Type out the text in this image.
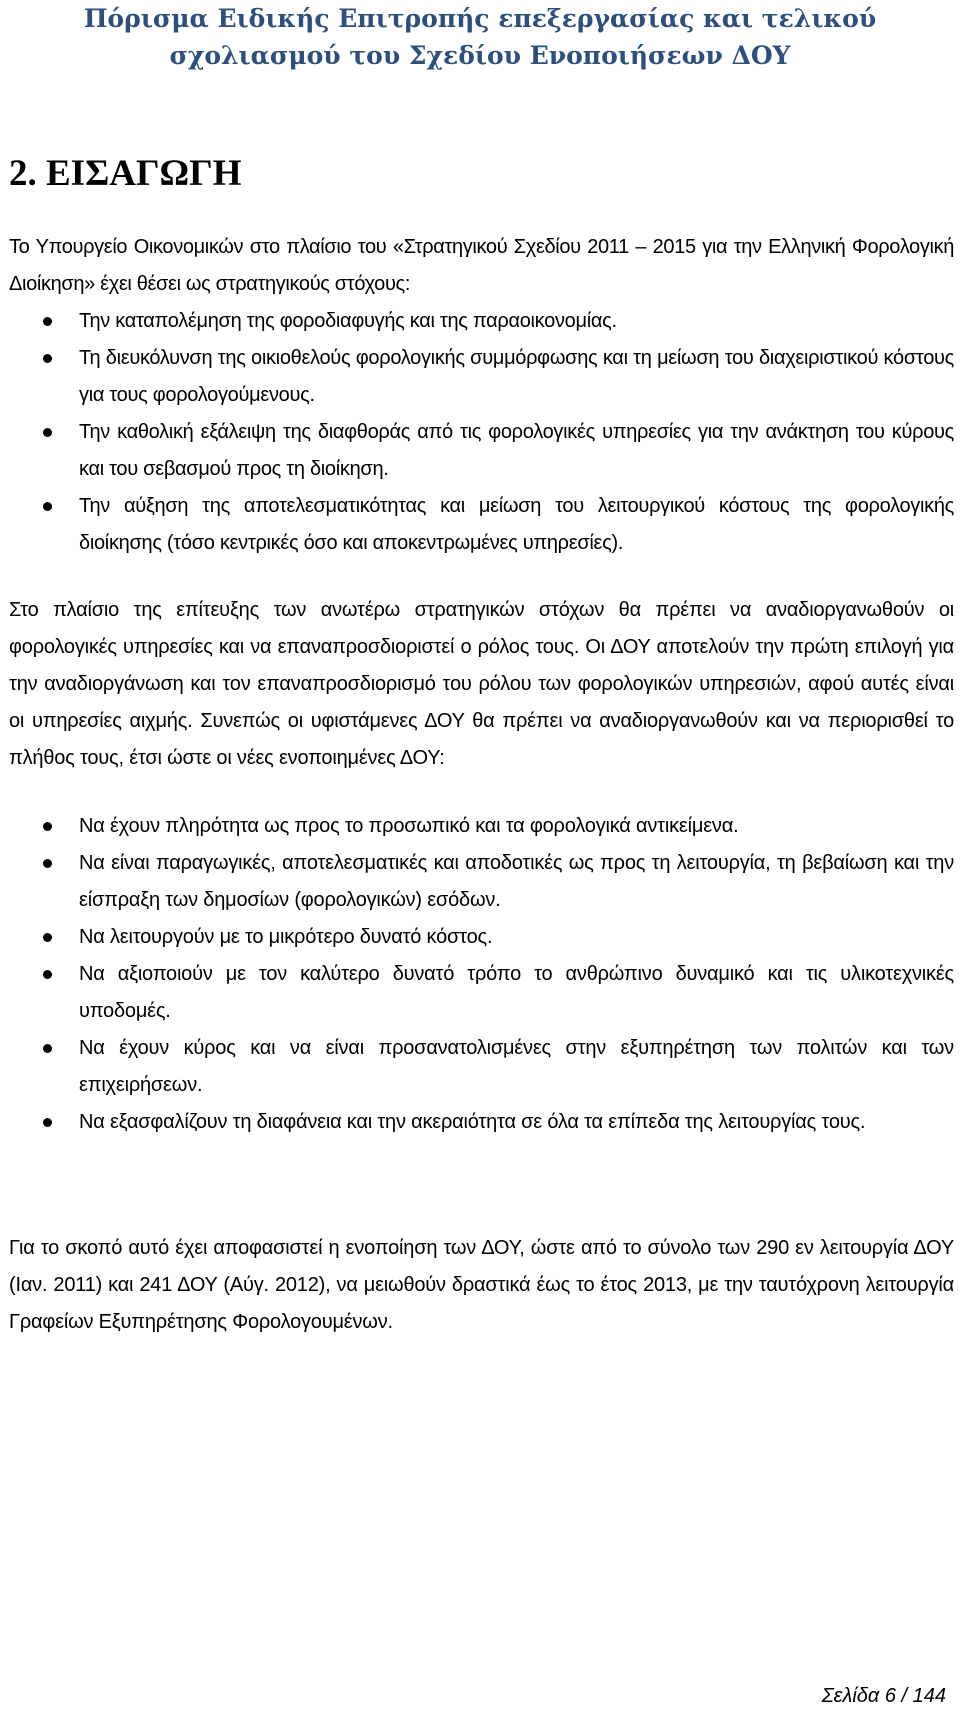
Πόρισμα Ειδικής Επιτροπής επεξεργασίας και τελικού
σχολιασμού του Σχεδίου Ενοποιήσεων ΔΟΥ
2. ΕΙΣΑΓΩΓΗ
Το Υπουργείο Οικονομικών στο πλαίσιο του «Στρατηγικού Σχεδίου 2011 – 2015 για την Ελληνική Φορολογική Διοίκηση» έχει θέσει ως στρατηγικούς στόχους:
Την καταπολέμηση της φοροδιαφυγής και της παραοικονομίας.
Τη διευκόλυνση της οικιοθελούς φορολογικής συμμόρφωσης και τη μείωση του διαχειριστικού κόστους για τους φορολογούμενους.
Την καθολική εξάλειψη της διαφθοράς από τις φορολογικές υπηρεσίες για την ανάκτηση του κύρους και του σεβασμού προς τη διοίκηση.
Την αύξηση της αποτελεσματικότητας και μείωση του λειτουργικού κόστους της φορολογικής διοίκησης (τόσο κεντρικές όσο και αποκεντρωμένες υπηρεσίες).
Στο πλαίσιο της επίτευξης των ανωτέρω στρατηγικών στόχων θα πρέπει να αναδιοργανωθούν οι φορολογικές υπηρεσίες και να επαναπροσδιοριστεί ο ρόλος τους. Οι ΔΟΥ αποτελούν την πρώτη επιλογή για την αναδιοργάνωση και τον επαναπροσδιορισμό του ρόλου των φορολογικών υπηρεσιών, αφού αυτές είναι οι υπηρεσίες αιχμής. Συνεπώς οι υφιστάμενες ΔΟΥ θα πρέπει να αναδιοργανωθούν και να περιορισθεί το πλήθος τους, έτσι ώστε οι νέες ενοποιημένες ΔΟΥ:
Να έχουν πληρότητα ως προς το προσωπικό και τα φορολογικά αντικείμενα.
Να είναι παραγωγικές, αποτελεσματικές και αποδοτικές ως προς τη λειτουργία, τη βεβαίωση και την είσπραξη των δημοσίων (φορολογικών) εσόδων.
Να λειτουργούν με το μικρότερο δυνατό κόστος.
Να αξιοποιούν με τον καλύτερο δυνατό τρόπο το ανθρώπινο δυναμικό και τις υλικοτεχνικές υποδομές.
Να έχουν κύρος και να είναι προσανατολισμένες στην εξυπηρέτηση των πολιτών και των επιχειρήσεων.
Να εξασφαλίζουν τη διαφάνεια και την ακεραιότητα σε όλα τα επίπεδα της λειτουργίας τους.
Για το σκοπό αυτό έχει αποφασιστεί η ενοποίηση των ΔΟΥ, ώστε από το σύνολο των 290 εν λειτουργία ΔΟΥ (Ιαν. 2011) και 241 ΔΟΥ (Αύγ. 2012), να μειωθούν δραστικά έως το έτος 2013, με την ταυτόχρονη λειτουργία Γραφείων Εξυπηρέτησης Φορολογουμένων.
Σελίδα 6 / 144
